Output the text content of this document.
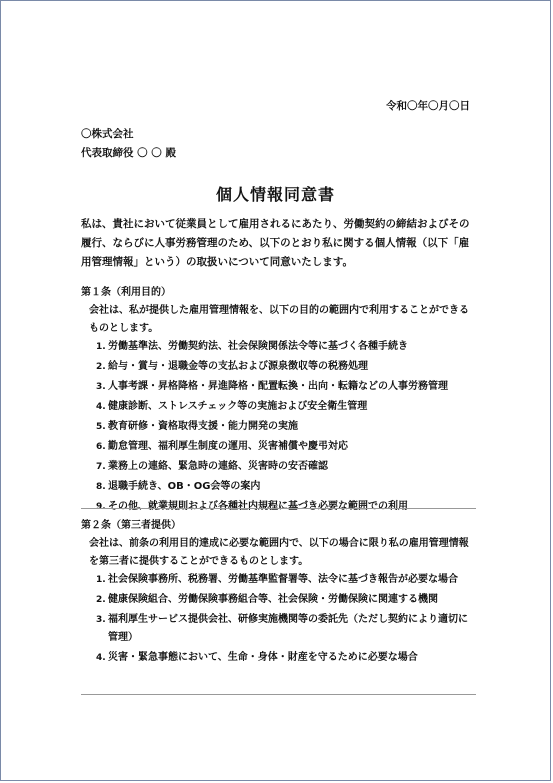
令和〇年〇月〇日
〇株式会社
代表取締役 〇 〇 殿
個人情報同意書
私は、貴社において従業員として雇用されるにあたり、労働契約の締結およびその履行、ならびに人事労務管理のため、以下のとおり私に関する個人情報（以下「雇用管理情報」という）の取扱いについて同意いたします。
第１条（利用目的）
会社は、私が提供した雇用管理情報を、以下の目的の範囲内で利用することができるものとします。
1. 労働基準法、労働契約法、社会保険関係法令等に基づく各種手続き
2. 給与・賞与・退職金等の支払および源泉徴収等の税務処理
3. 人事考課・昇格降格・昇進降格・配置転換・出向・転籍などの人事労務管理
4. 健康診断、ストレスチェック等の実施および安全衛生管理
5. 教育研修・資格取得支援・能力開発の実施
6. 勤怠管理、福利厚生制度の運用、災害補償や慶弔対応
7. 業務上の連絡、緊急時の連絡、災害時の安否確認
8. 退職手続き、OB・OG会等の案内
9. その他、就業規則および各種社内規程に基づき必要な範囲での利用
第２条（第三者提供）
会社は、前条の利用目的達成に必要な範囲内で、以下の場合に限り私の雇用管理情報を第三者に提供することができるものとします。
1. 社会保険事務所、税務署、労働基準監督署等、法令に基づき報告が必要な場合
2. 健康保険組合、労働保険事務組合等、社会保険・労働保険に関連する機関
3. 福利厚生サービス提供会社、研修実施機関等の委託先（ただし契約により適切に管理）
4. 災害・緊急事態において、生命・身体・財産を守るために必要な場合
